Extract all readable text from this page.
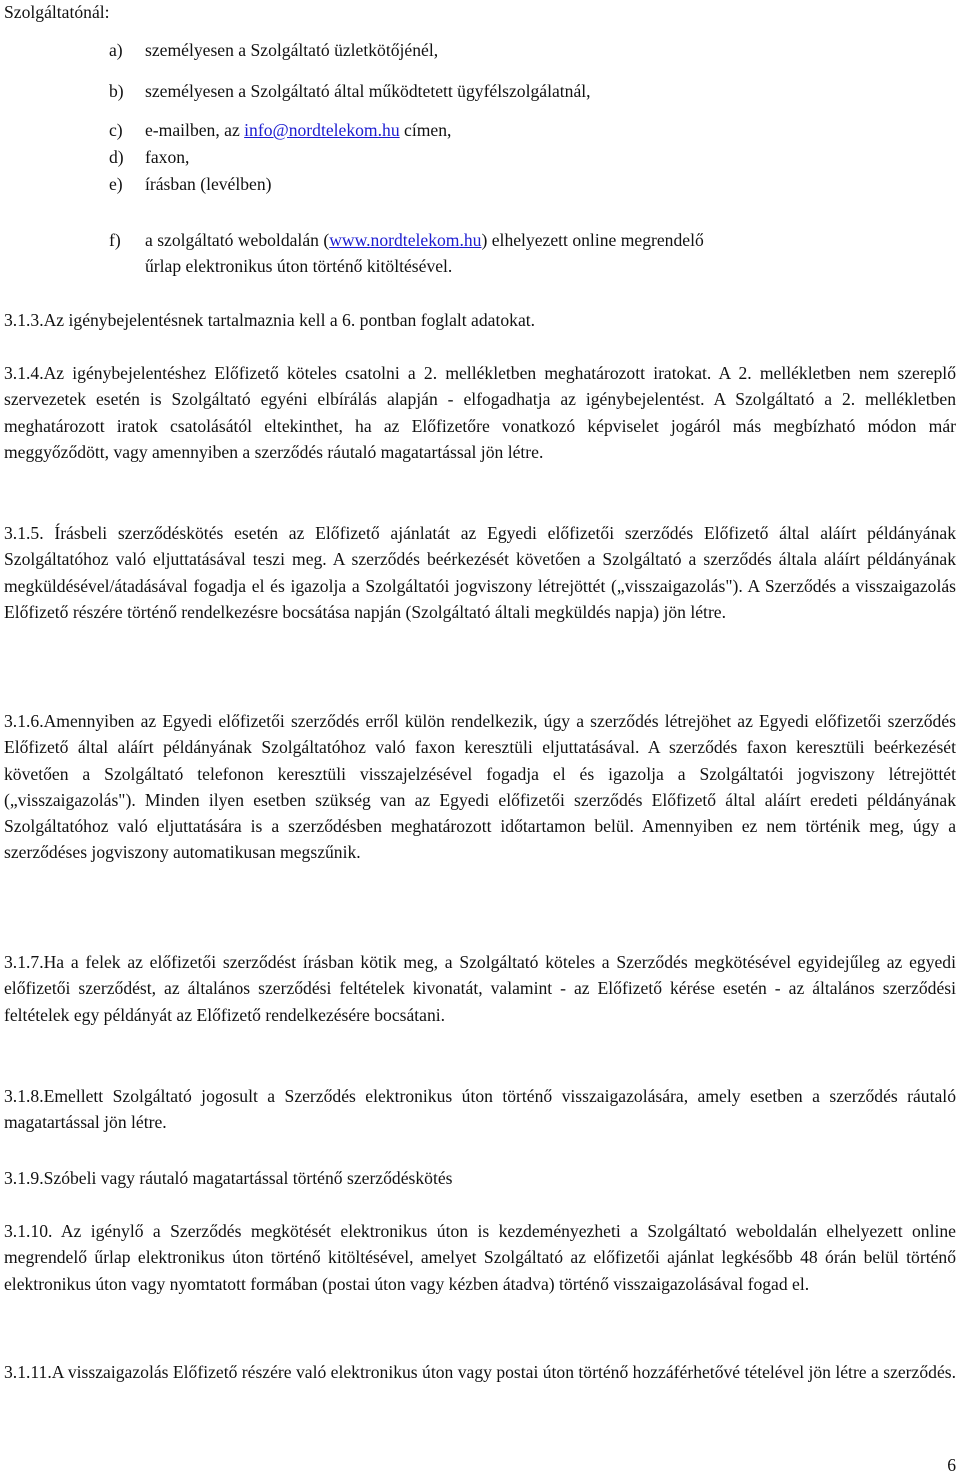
Szolgáltatónál:
a) személyesen a Szolgáltató üzletkötőjénél,
b) személyesen a Szolgáltató által működtetett ügyfélszolgálatnál,
c) e-mailben, az info@nordtelekom.hu címen,
d) faxon,
e) írásban (levélben)
f) a szolgáltató weboldalán (www.nordtelekom.hu) elhelyezett online megrendelő
űrlap elektronikus úton történő kitöltésével.

3.1.3.Az igénybejelentésnek tartalmaznia kell a 6. pontban foglalt adatokat.

3.1.4.Az igénybejelentéshez Előfizető köteles csatolni a 2. mellékletben meghatározott iratokat. A 2. mellékletben nem szereplő szervezetek esetén is Szolgáltató egyéni elbírálás alapján - elfogadhatja az igénybejelentést. A Szolgáltató a 2. mellékletben meghatározott iratok csatolásától eltekinthet, ha az Előfizetőre vonatkozó képviselet jogáról más megbízható módon már meggyőződött, vagy amennyiben a szerződés ráutaló magatartással jön létre.

3.1.5. Írásbeli szerződéskötés esetén az Előfizető ajánlatát az Egyedi előfizetői szerződés Előfizető által aláírt példányának Szolgáltatóhoz való eljuttatásával teszi meg. A szerződés beérkezését követően a Szolgáltató a szerződés általa aláírt példányának megküldésével/átadásával fogadja el és igazolja a Szolgáltatói jogviszony létrejöttét („visszaigazolás"). A Szerződés a visszaigazolás Előfizető részére történő rendelkezésre bocsátása napján (Szolgáltató általi megküldés napja) jön létre.

3.1.6.Amennyiben az Egyedi előfizetői szerződés erről külön rendelkezik, úgy a szerződés létrejöhet az Egyedi előfizetői szerződés Előfizető által aláírt példányának Szolgáltatóhoz való faxon keresztüli eljuttatásával. A szerződés faxon keresztüli beérkezését követően a Szolgáltató telefonon keresztüli visszajelzésével fogadja el és igazolja a Szolgáltatói jogviszony létrejöttét („visszaigazolás"). Minden ilyen esetben szükség van az Egyedi előfizetői szerződés Előfizető által aláírt eredeti példányának Szolgáltatóhoz való eljuttatására is a szerződésben meghatározott időtartamon belül. Amennyiben ez nem történik meg, úgy a szerződéses jogviszony automatikusan megszűnik.

3.1.7.Ha a felek az előfizetői szerződést írásban kötik meg, a Szolgáltató köteles a Szerződés megkötésével egyidejűleg az egyedi előfizetői szerződést, az általános szerződési feltételek kivonatát, valamint - az Előfizető kérése esetén - az általános szerződési feltételek egy példányát az Előfizető rendelkezésére bocsátani.

3.1.8.Emellett Szolgáltató jogosult a Szerződés elektronikus úton történő visszaigazolására, amely esetben a szerződés ráutaló magatartással jön létre.

3.1.9.Szóbeli vagy ráutaló magatartással történő szerződéskötés

3.1.10. Az igénylő a Szerződés megkötését elektronikus úton is kezdeményezheti a Szolgáltató weboldalán elhelyezett online megrendelő űrlap elektronikus úton történő kitöltésével, amelyet Szolgáltató az előfizetői ajánlat legkésőbb 48 órán belül történő elektronikus úton vagy nyomtatott formában (postai úton vagy kézben átadva) történő visszaigazolásával fogad el.

3.1.11.A visszaigazolás Előfizető részére való elektronikus úton vagy postai úton történő hozzáférhetővé tételével jön létre a szerződés.

6
